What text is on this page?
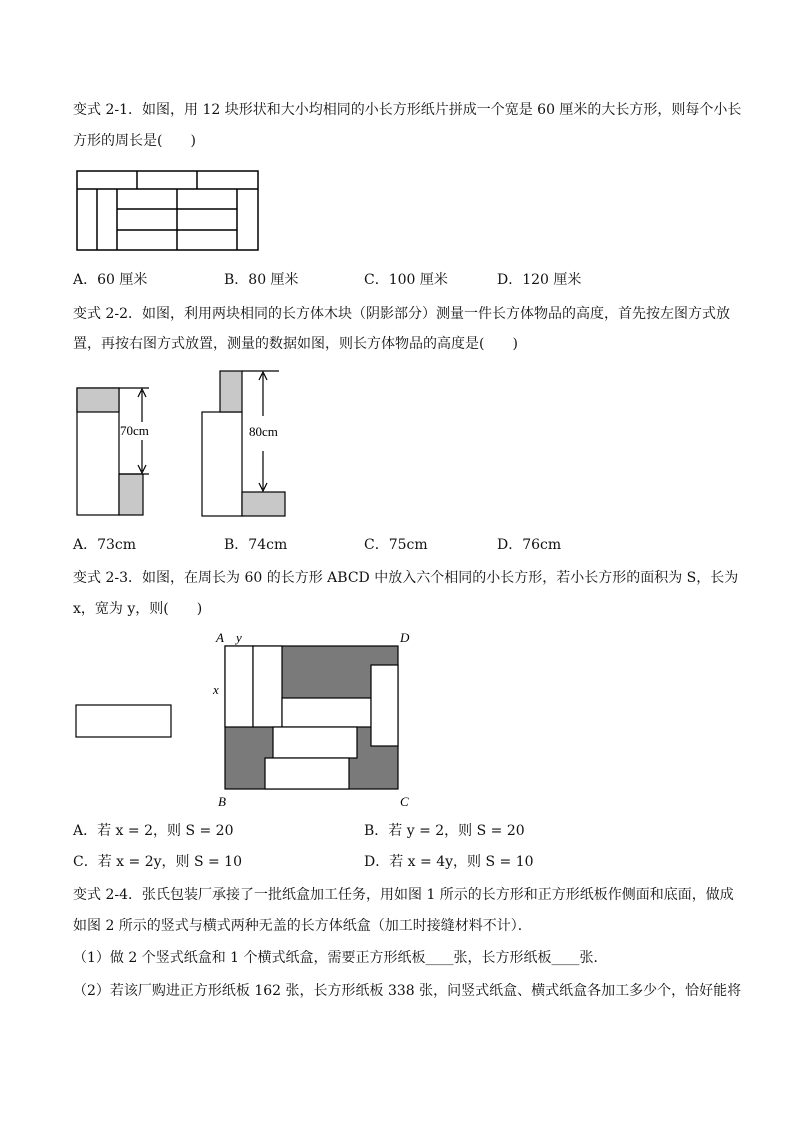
变式 2-1．如图，用 12 块形状和大小均相同的小长方形纸片拼成一个宽是 60 厘米的大长方形，则每个小长
方形的周长是(　　)
A．60 厘米	B．80 厘米	C．100 厘米	D．120 厘米
变式 2-2．如图，利用两块相同的长方体木块（阴影部分）测量一件长方体物品的高度，首先按左图方式放
置，再按右图方式放置，测量的数据如图，则长方体物品的高度是(　　)
70cm	80cm
A．73cm	B．74cm	C．75cm	D．76cm
变式 2-3．如图，在周长为 60 的长方形 ABCD 中放入六个相同的小长方形，若小长方形的面积为 S，长为
x，宽为 y，则(　　)
A y	D
x
B	C
A．若 x = 2，则 S = 20	B．若 y = 2，则 S = 20
C．若 x = 2y，则 S = 10	D．若 x = 4y，则 S = 10
变式 2-4．张氏包装厂承接了一批纸盒加工任务，用如图 1 所示的长方形和正方形纸板作侧面和底面，做成
如图 2 所示的竖式与横式两种无盖的长方体纸盒（加工时接缝材料不计）．
（1）做 2 个竖式纸盒和 1 个横式纸盒，需要正方形纸板____张，长方形纸板____张．
（2）若该厂购进正方形纸板 162 张，长方形纸板 338 张，问竖式纸盒、横式纸盒各加工多少个，恰好能将
